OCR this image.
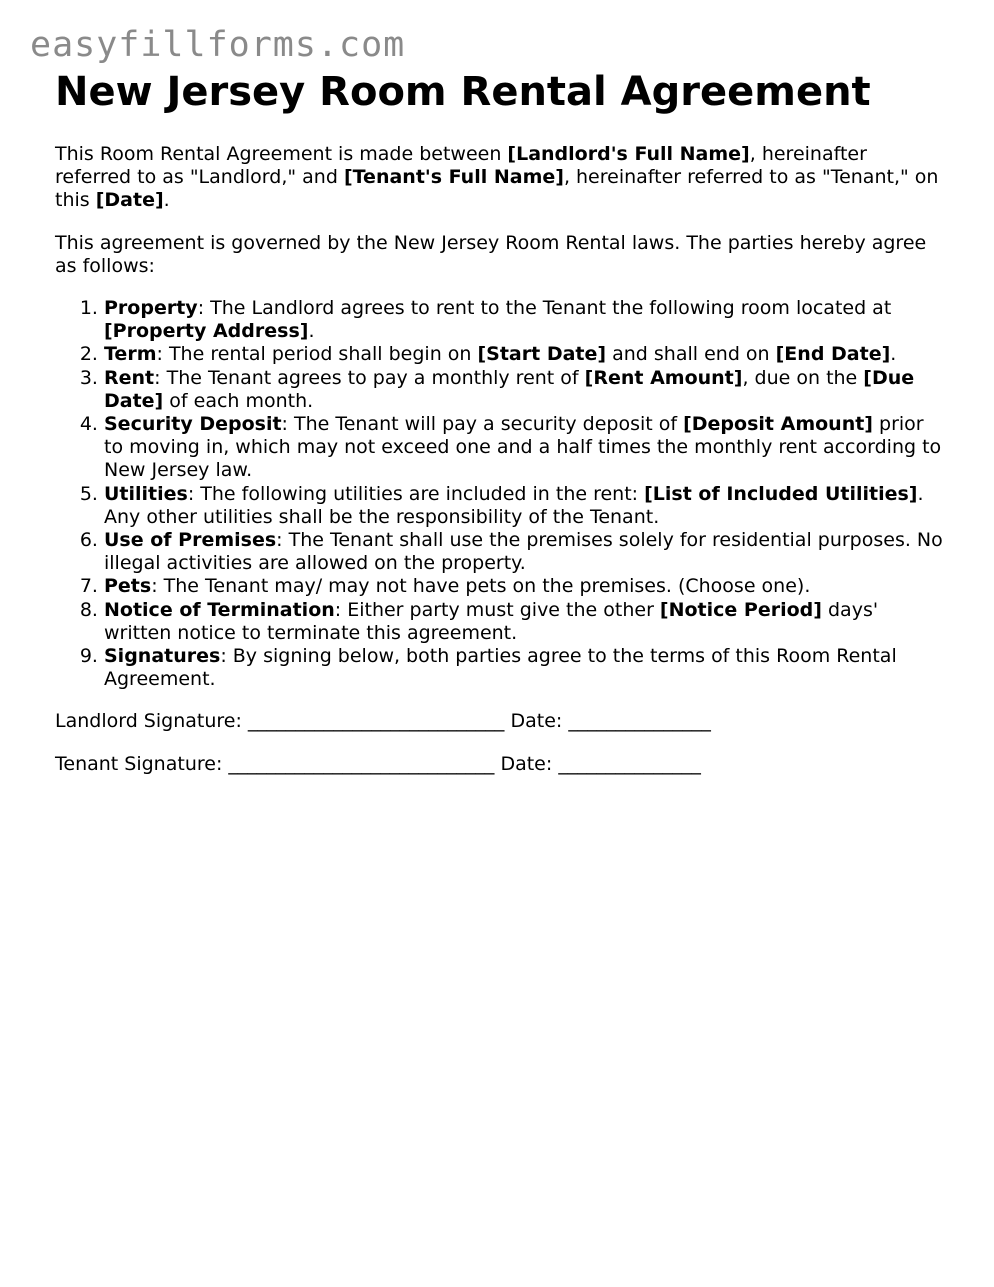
easyfillforms.com
New Jersey Room Rental Agreement

This Room Rental Agreement is made between [Landlord's Full Name], hereinafter referred to as "Landlord," and [Tenant's Full Name], hereinafter referred to as "Tenant," on this [Date].

This agreement is governed by the New Jersey Room Rental laws. The parties hereby agree as follows:

1. Property: The Landlord agrees to rent to the Tenant the following room located at [Property Address].
2. Term: The rental period shall begin on [Start Date] and shall end on [End Date].
3. Rent: The Tenant agrees to pay a monthly rent of [Rent Amount], due on the [Due Date] of each month.
4. Security Deposit: The Tenant will pay a security deposit of [Deposit Amount] prior to moving in, which may not exceed one and a half times the monthly rent according to New Jersey law.
5. Utilities: The following utilities are included in the rent: [List of Included Utilities]. Any other utilities shall be the responsibility of the Tenant.
6. Use of Premises: The Tenant shall use the premises solely for residential purposes. No illegal activities are allowed on the property.
7. Pets: The Tenant may/ may not have pets on the premises. (Choose one).
8. Notice of Termination: Either party must give the other [Notice Period] days' written notice to terminate this agreement.
9. Signatures: By signing below, both parties agree to the terms of this Room Rental Agreement.
Landlord Signature: ___________________________ Date: _______________
Tenant Signature: ____________________________ Date: _______________
